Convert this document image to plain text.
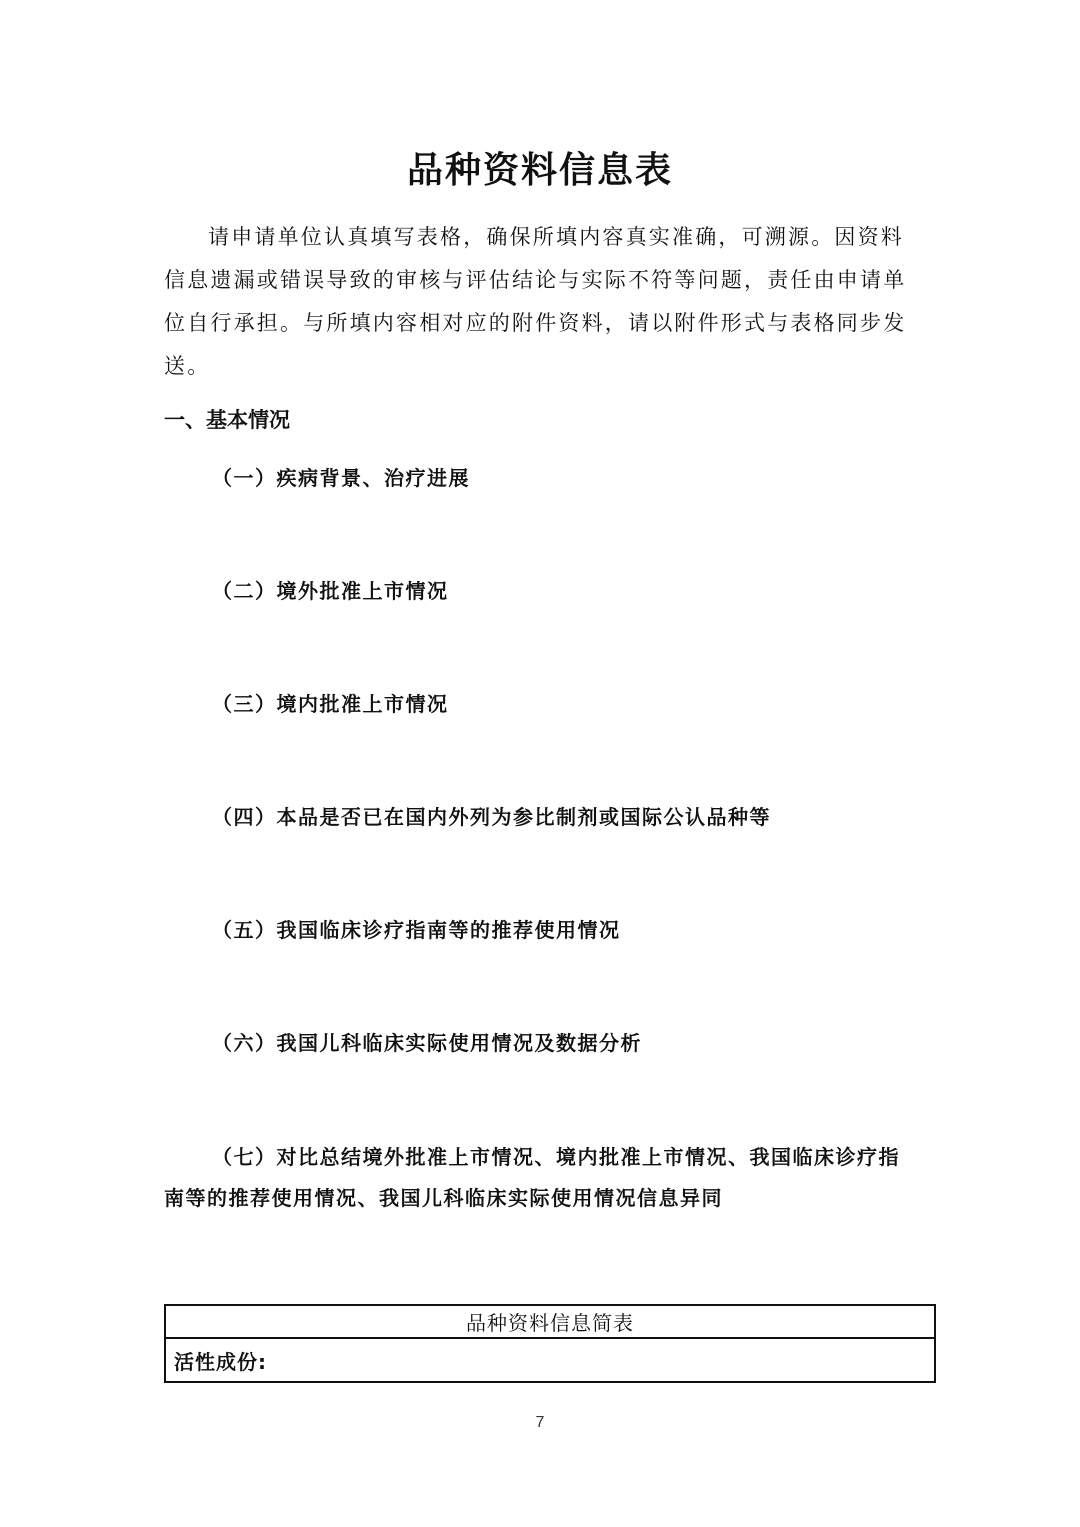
品种资料信息表

请申请单位认真填写表格，确保所填内容真实准确，可溯源。因资料信息遗漏或错误导致的审核与评估结论与实际不符等问题，责任由申请单位自行承担。与所填内容相对应的附件资料，请以附件形式与表格同步发送。

一、基本情况

（一）疾病背景、治疗进展

（二）境外批准上市情况

（三）境内批准上市情况

（四）本品是否已在国内外列为参比制剂或国际公认品种等

（五）我国临床诊疗指南等的推荐使用情况

（六）我国儿科临床实际使用情况及数据分析

（七）对比总结境外批准上市情况、境内批准上市情况、我国临床诊疗指南等的推荐使用情况、我国儿科临床实际使用情况信息异同

品种资料信息简表
活性成份:

7
